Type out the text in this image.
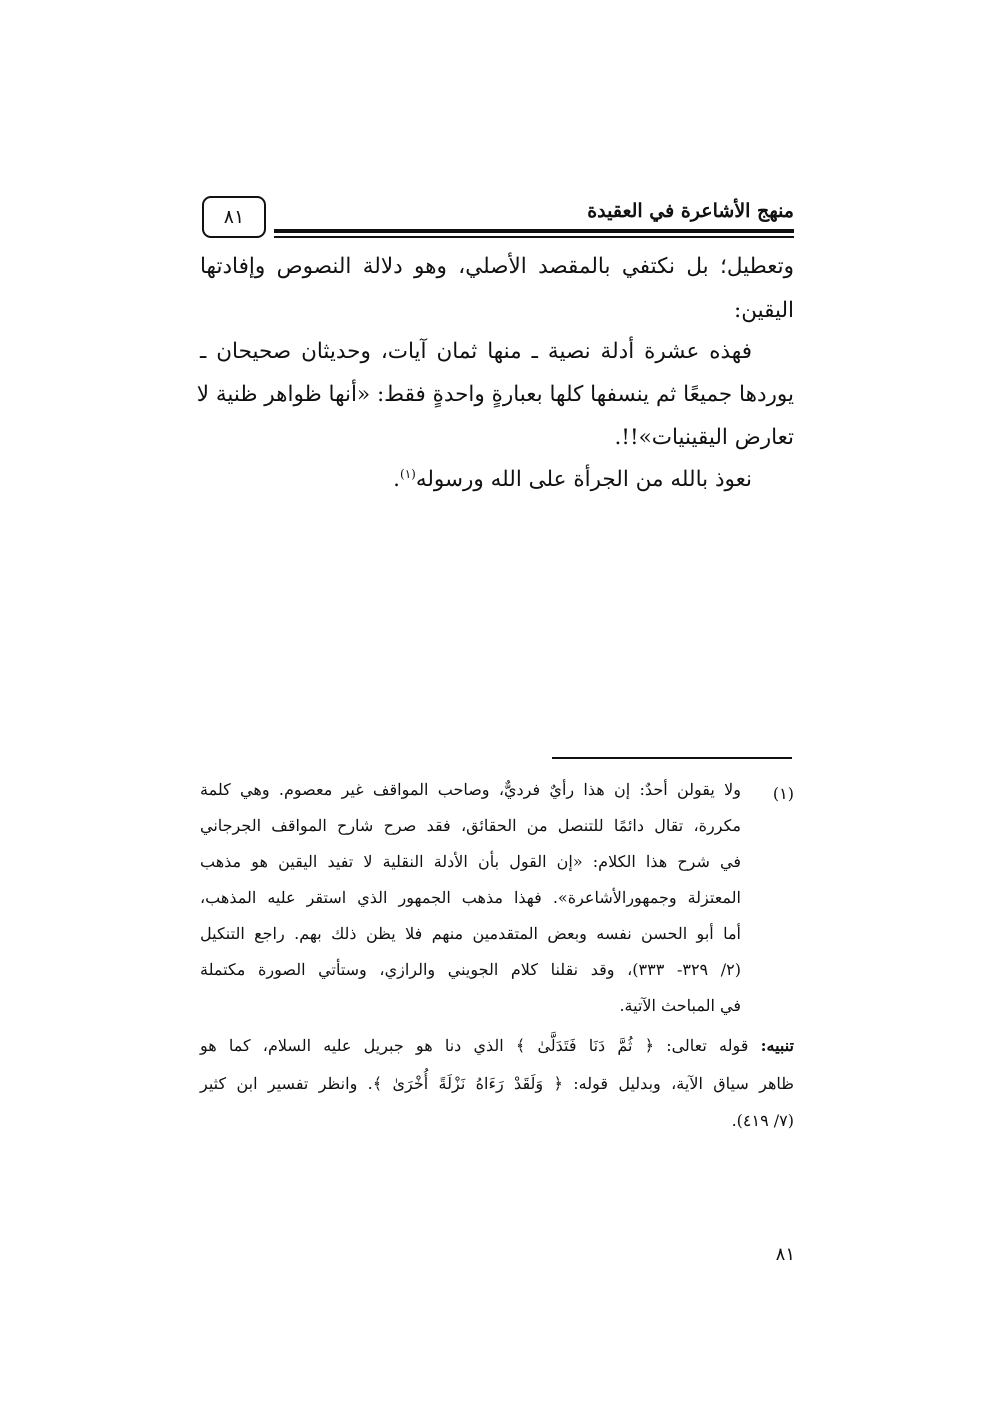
٨١	منهج الأشاعرة في العقيدة
وتعطيل؛ بل نكتفي بالمقصد الأصلي، وهو دلالة النصوص وإفادتها
اليقين:
فهذه عشرة أدلة نصية ـ منها ثمان آيات، وحديثان صحيحان ـ
يوردها جميعًا ثم ينسفها كلها بعبارةٍ واحدةٍ فقط: «أنها ظواهر ظنية لا
تعارض اليقينيات»!!.
نعوذ بالله من الجرأة على الله ورسوله$^{(١)}$.
(١)
ولا يقولن أحدٌ: إن هذا رأيٌ فرديٌّ، وصاحب المواقف غير معصوم. وهي كلمة
مكررة، تقال دائمًا للتنصل من الحقائق، فقد صرح شارح المواقف الجرجاني
في شرح هذا الكلام: «إن القول بأن الأدلة النقلية لا تفيد اليقين هو مذهب
المعتزلة وجمهورالأشاعرة». فهذا مذهب الجمهور الذي استقر عليه المذهب،
أما أبو الحسن نفسه وبعض المتقدمين منهم فلا يظن ذلك بهم. راجع التنكيل
(٢/ ٣٢٩- ٣٣٣)، وقد نقلنا كلام الجويني والرازي، وستأتي الصورة مكتملة
في المباحث الآتية.
تنبيه: قوله تعالى: ﴿ ثُمَّ دَنَا فَتَدَلَّىٰ ﴾ الذي دنا هو جبريل عليه السلام، كما هو
ظاهر سياق الآية، وبدليل قوله: ﴿ وَلَقَدْ رَءَاهُ نَزْلَةً أُخْرَىٰ ﴾. وانظر تفسير ابن كثير
(٧/ ٤١٩).
٨١
